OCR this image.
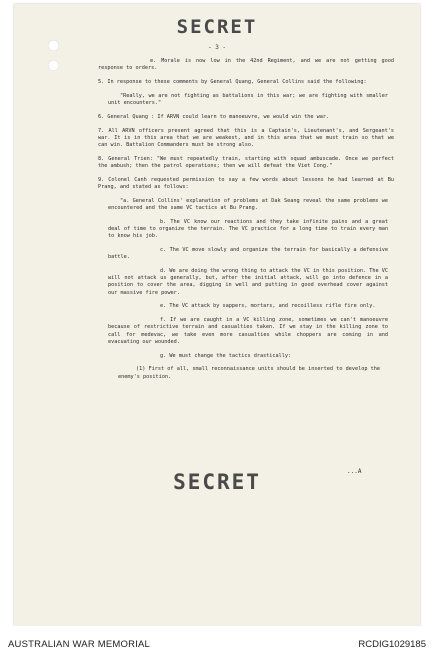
SECRET
- 3 -

e. Morale is now low in the 42nd Regiment, and we are not getting good response to orders.

5. In response to these comments by General Quang, General Collins said the following:

"Really, we are not fighting as battalions in this war; we are fighting with smaller unit encounters."

6. General Quang : If ARVN could learn to manoeuvre, we would win the war.

7. All ARVN officers present agreed that this is a Captain's, Lieutenant's, and Sergeant's war. It is in this area that we are weakest, and in this area that we must train so that we can win. Battalion Commanders must be strong also.

8. General Trien: "We must repeatedly train, starting with squad ambuscade. Once we perfect the ambush; then the patrol operations; then we will defeat the Viet Cong."

9. Colonel Canh requested permission to say a few words about lessons he had learned at Bu Prang, and stated as follows:

"a. General Collins' explanation of problems at Dak Seang reveal the same problems we encountered and the same VC tactics at Bu Prang.

b. The VC know our reactions and they take infinite pains and a great deal of time to organize the terrain. The VC practice for a long time to train every man to know his job.

c. The VC move slowly and organize the terrain for basically a defensive battle.

d. We are doing the wrong thing to attack the VC in this position. The VC will not attack us generally, but, after the initial attack, will go into defence in a position to cover the area, digging in well and putting in good overhead cover against our massive fire power.

e. The VC attack by sappers, mortars, and recoilless rifle fire only.

f. If we are caught in a VC killing zone, sometimes we can't manoeuvre because of restrictive terrain and casualties taken. If we stay in the killing zone to call for medevac, we take even more casualties while choppers are coming in and evacuating our wounded.

g. We must change the tactics drastically:

(1) First of all, small reconnaissance units should be inserted to develop the enemy's position.

...A
SECRET
AUSTRALIAN WAR MEMORIAL	RCDIG1029185
